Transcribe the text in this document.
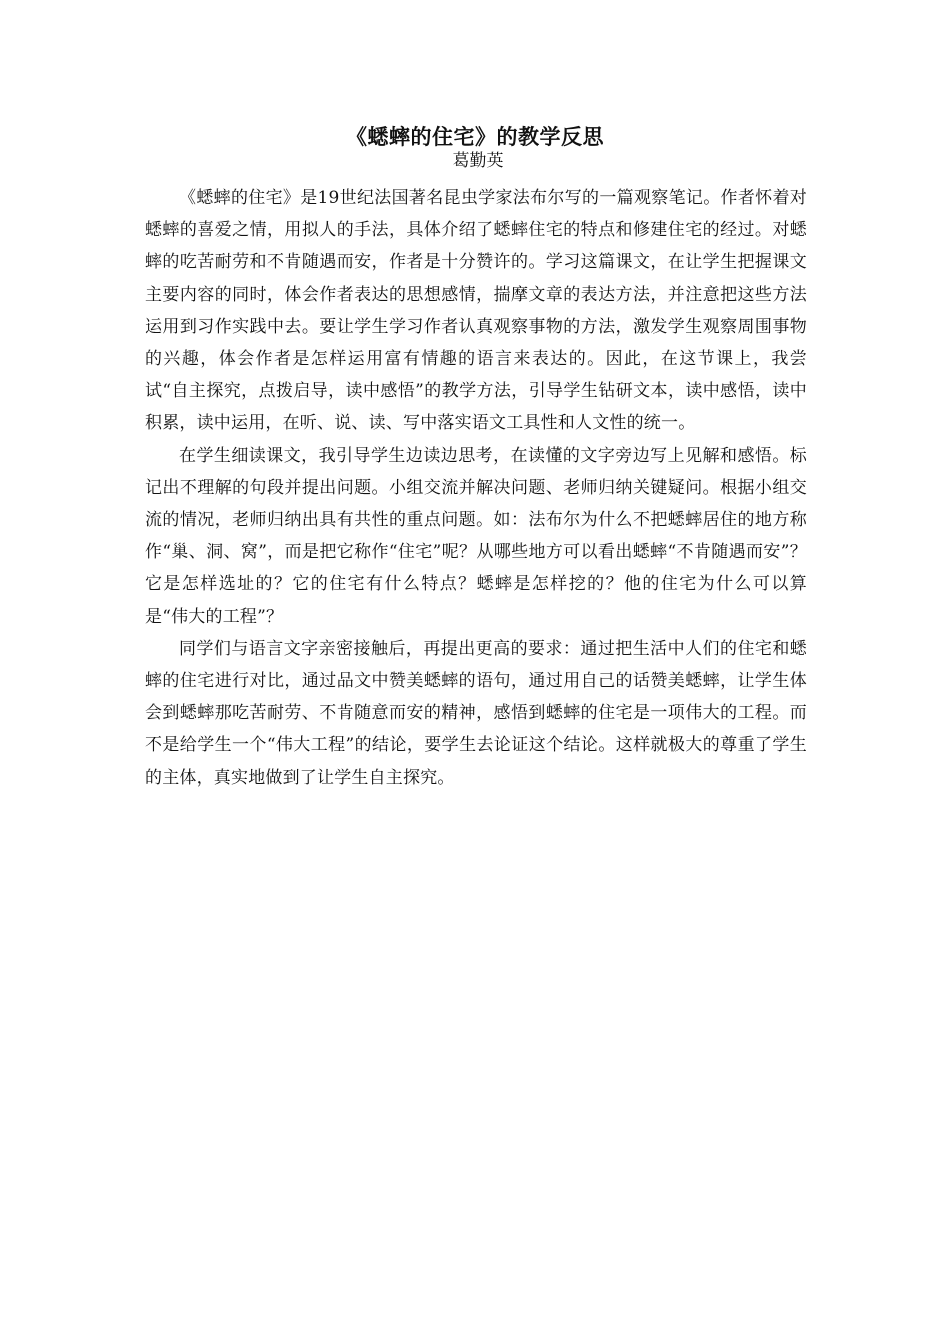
《蟋蟀的住宅》的教学反思
葛勤英

《蟋蟀的住宅》是19世纪法国著名昆虫学家法布尔写的一篇观察笔记。作者怀着对蟋蟀的喜爱之情，用拟人的手法，具体介绍了蟋蟀住宅的特点和修建住宅的经过。对蟋蟀的吃苦耐劳和不肯随遇而安，作者是十分赞许的。学习这篇课文，在让学生把握课文主要内容的同时，体会作者表达的思想感情，揣摩文章的表达方法，并注意把这些方法运用到习作实践中去。要让学生学习作者认真观察事物的方法，激发学生观察周围事物的兴趣，体会作者是怎样运用富有情趣的语言来表达的。因此，在这节课上，我尝试“自主探究，点拨启导，读中感悟”的教学方法，引导学生钻研文本，读中感悟，读中积累，读中运用，在听、说、读、写中落实语文工具性和人文性的统一。

在学生细读课文，我引导学生边读边思考，在读懂的文字旁边写上见解和感悟。标记出不理解的句段并提出问题。小组交流并解决问题、老师归纳关键疑问。根据小组交流的情况，老师归纳出具有共性的重点问题。如：法布尔为什么不把蟋蟀居住的地方称作“巢、洞、窝”，而是把它称作“住宅”呢？从哪些地方可以看出蟋蟀“不肯随遇而安”？它是怎样选址的？它的住宅有什么特点？蟋蟀是怎样挖的？他的住宅为什么可以算是“伟大的工程”？

同学们与语言文字亲密接触后，再提出更高的要求：通过把生活中人们的住宅和蟋蟀的住宅进行对比，通过品文中赞美蟋蟀的语句，通过用自己的话赞美蟋蟀，让学生体会到蟋蟀那吃苦耐劳、不肯随意而安的精神，感悟到蟋蟀的住宅是一项伟大的工程。而不是给学生一个“伟大工程”的结论，要学生去论证这个结论。这样就极大的尊重了学生的主体，真实地做到了让学生自主探究。
